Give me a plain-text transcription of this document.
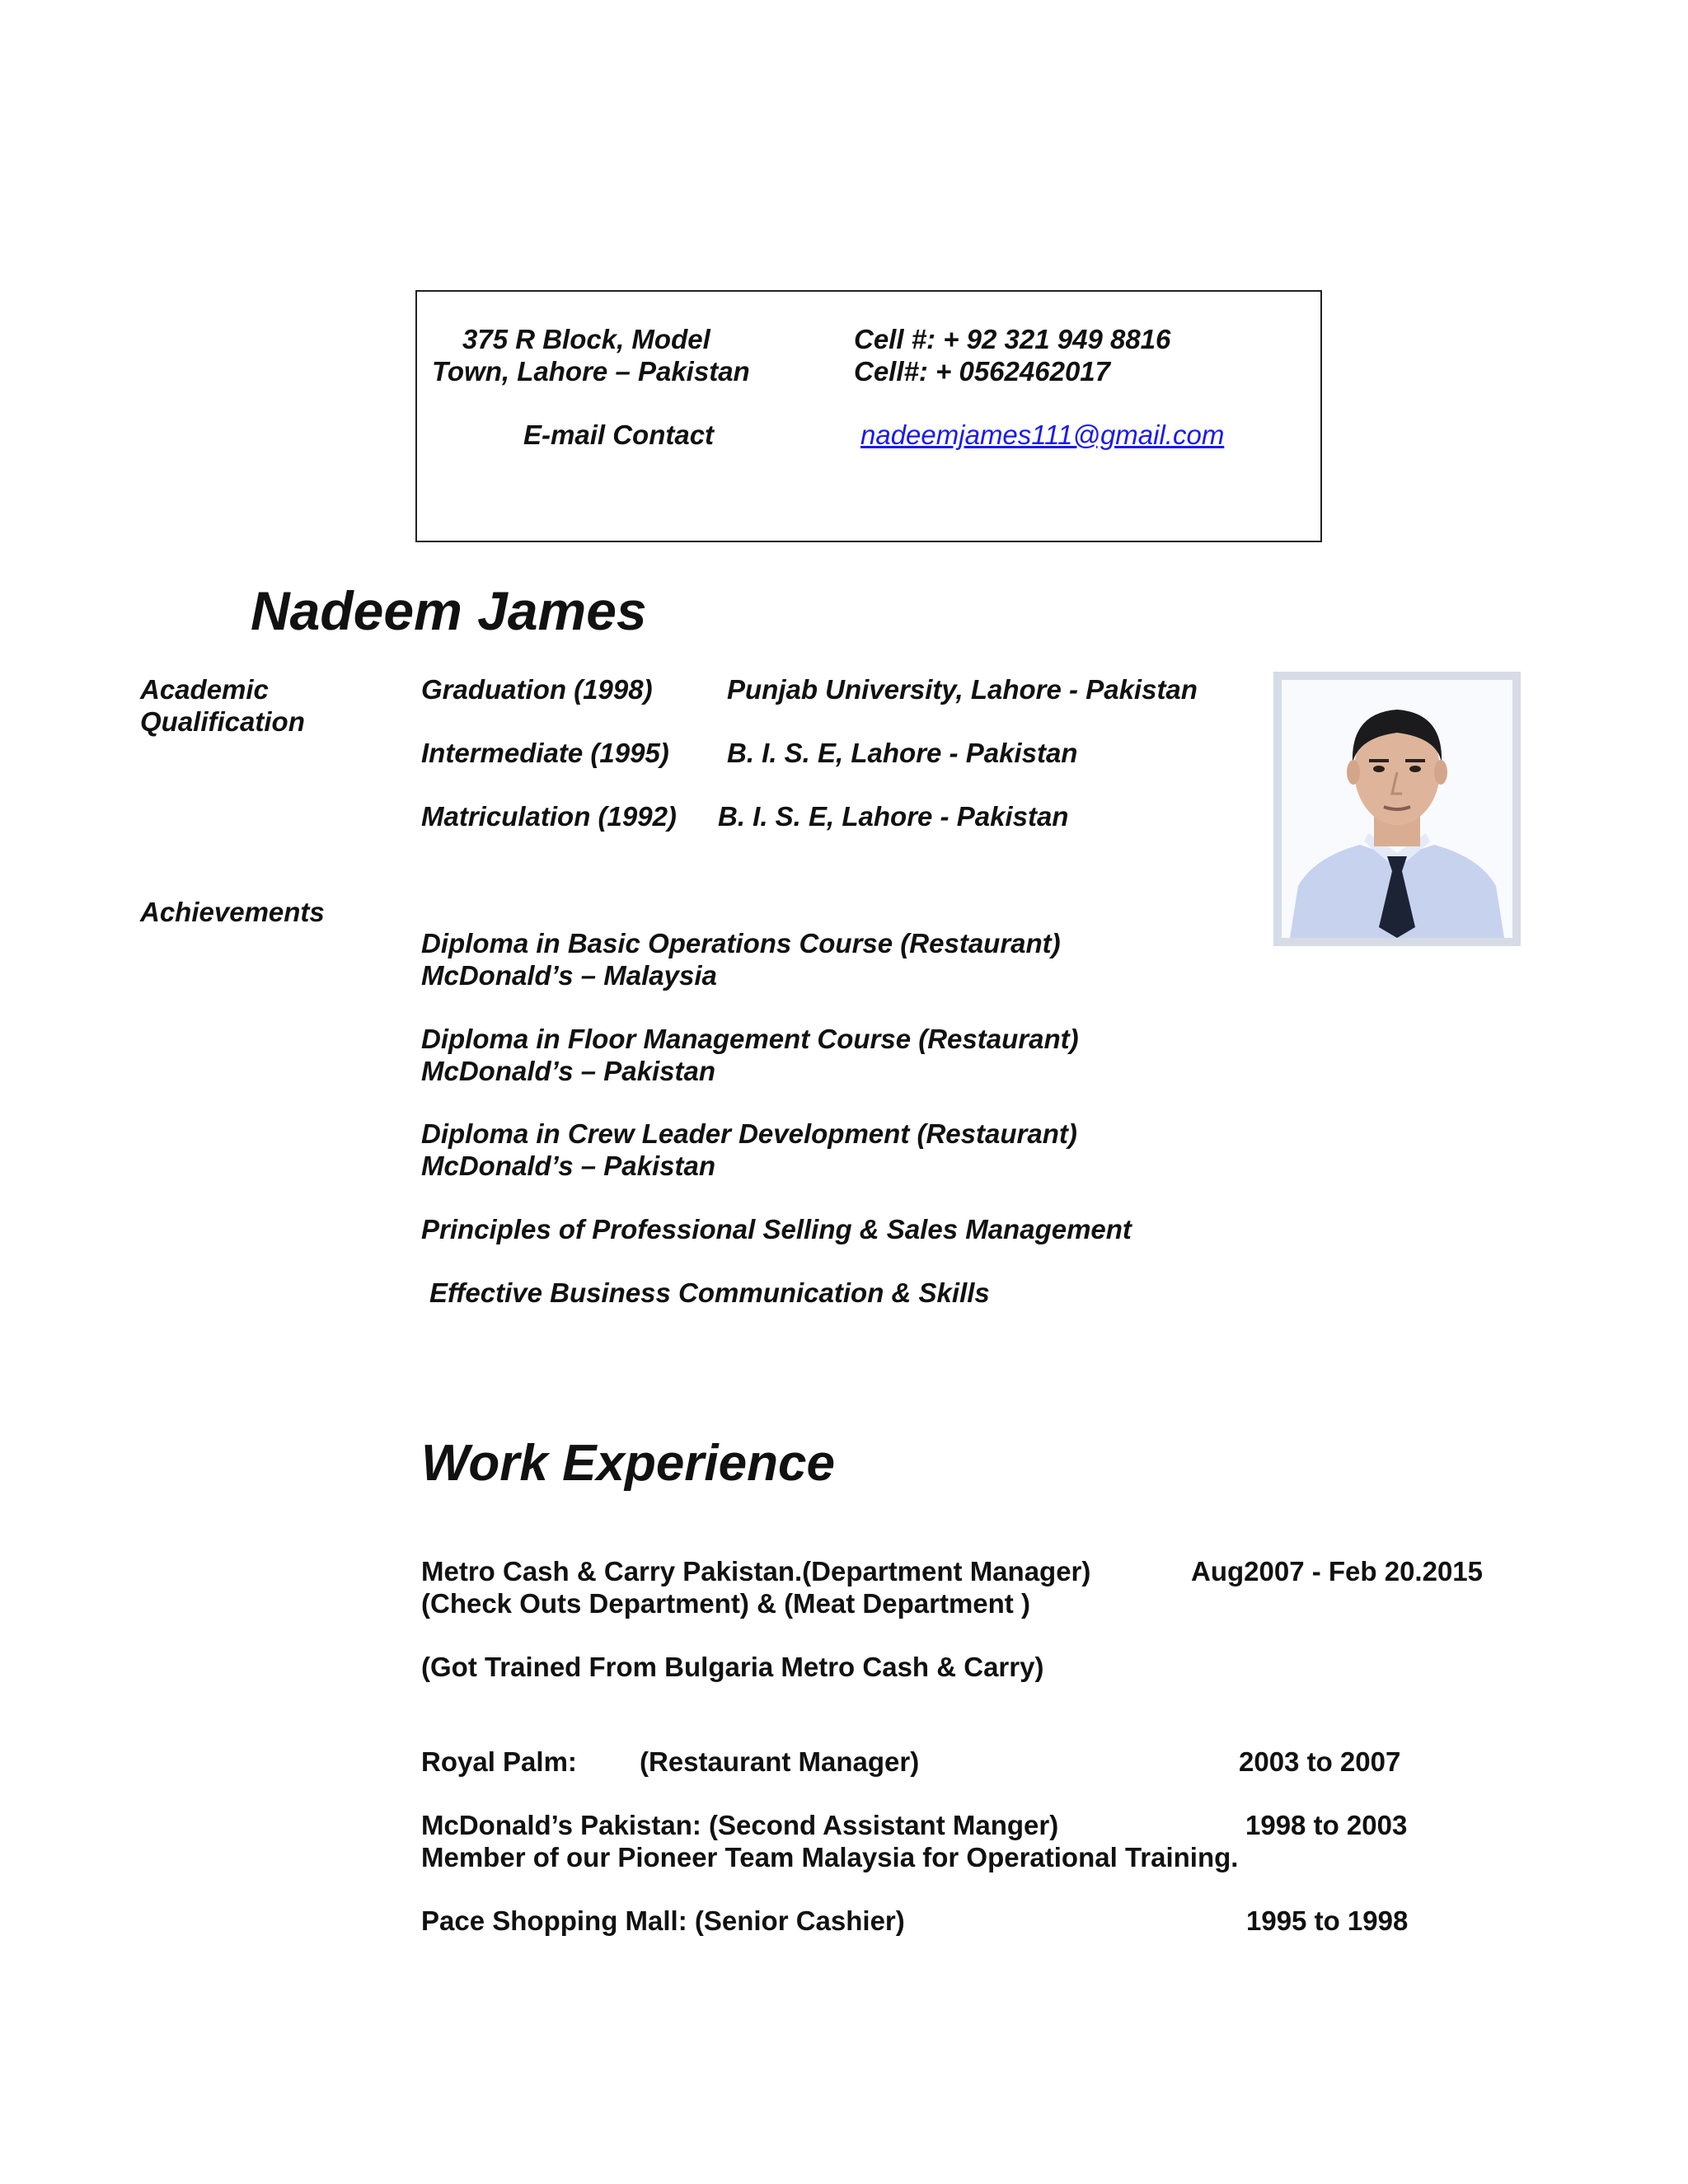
375 R Block, Model
Town, Lahore – Pakistan
Cell #: + 92 321 949 8816
Cell#: + 0562462017
E-mail Contact	nadeemjames111@gmail.com
Nadeem James
Academic
Qualification
Graduation (1998)	Punjab University, Lahore - Pakistan
Intermediate (1995) B. I. S. E, Lahore - Pakistan
Matriculation (1992) B. I. S. E, Lahore - Pakistan
Achievements
Diploma in Basic Operations Course (Restaurant)
McDonald’s – Malaysia
Diploma in Floor Management Course (Restaurant)
McDonald’s – Pakistan
Diploma in Crew Leader Development (Restaurant)
McDonald’s – Pakistan
Principles of Professional Selling & Sales Management
Effective Business Communication & Skills
Work Experience
Metro Cash & Carry Pakistan.(Department Manager)	Aug2007 - Feb 20.2015
(Check Outs Department) & (Meat Department )
(Got Trained From Bulgaria Metro Cash & Carry)
Royal Palm: (Restaurant Manager)	2003 to 2007
McDonald’s Pakistan: (Second Assistant Manger)	1998 to 2003
Member of our Pioneer Team Malaysia for Operational Training.
Pace Shopping Mall: (Senior Cashier)	1995 to 1998
